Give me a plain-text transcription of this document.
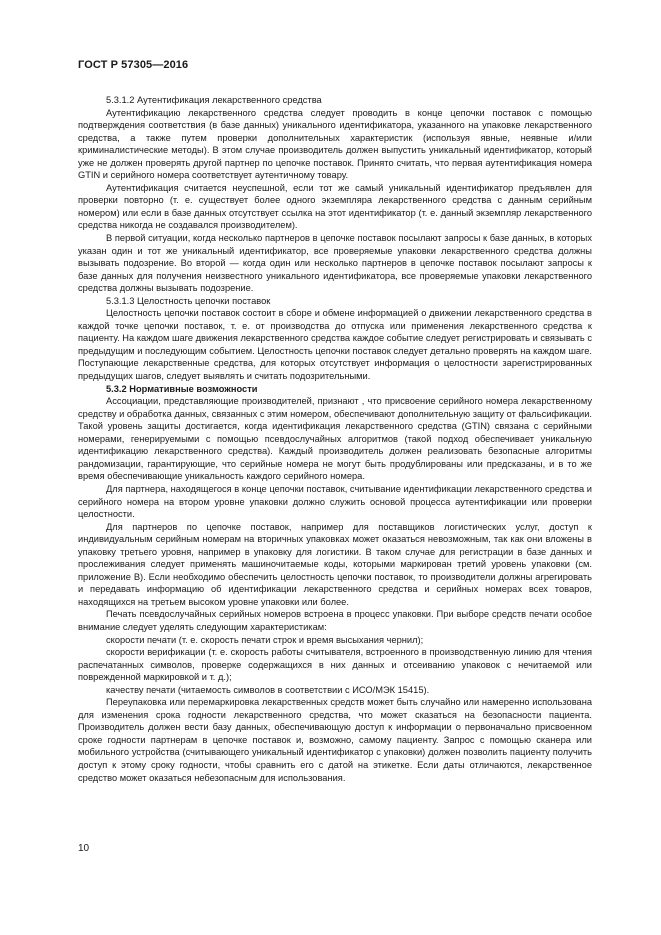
ГОСТ Р 57305—2016

5.3.1.2 Аутентификация лекарственного средства

Аутентификацию лекарственного средства следует проводить в конце цепочки поставок с помощью подтверждения соответствия (в базе данных) уникального идентификатора, указанного на упаковке лекарственного средства, а также путем проверки дополнительных характеристик (используя явные, неявные и/или криминалистические методы). В этом случае производитель должен выпустить уникальный идентификатор, который уже не должен проверять другой партнер по цепочке поставок. Принято считать, что первая аутентификация номера GTIN и серийного номера соответствует аутентичному товару.

Аутентификация считается неуспешной, если тот же самый уникальный идентификатор предъявлен для проверки повторно (т. е. существует более одного экземпляра лекарственного средства с данным серийным номером) или если в базе данных отсутствует ссылка на этот идентификатор (т. е. данный экземпляр лекарственного средства никогда не создавался производителем).

В первой ситуации, когда несколько партнеров в цепочке поставок посылают запросы к базе данных, в которых указан один и тот же уникальный идентификатор, все проверяемые упаковки лекарственного средства должны вызывать подозрение. Во второй — когда один или несколько партнеров в цепочке поставок посылают запросы к базе данных для получения неизвестного уникального идентификатора, все проверяемые упаковки лекарственного средства должны вызывать подозрение.

5.3.1.3 Целостность цепочки поставок

Целостность цепочки поставок состоит в сборе и обмене информацией о движении лекарственного средства в каждой точке цепочки поставок, т. е. от производства до отпуска или применения лекарственного средства к пациенту. На каждом шаге движения лекарственного средства каждое событие следует регистрировать и связывать с предыдущим и последующим событием. Целостность цепочки поставок следует детально проверять на каждом шаге. Поступающие лекарственные средства, для которых отсутствует информация о целостности зарегистрированных предыдущих шагов, следует выявлять и считать подозрительными.

5.3.2 Нормативные возможности

Ассоциации, представляющие производителей, признают , что присвоение серийного номера лекарственному средству и обработка данных, связанных с этим номером, обеспечивают дополнительную защиту от фальсификации. Такой уровень защиты достигается, когда идентификация лекарственного средства (GTIN) связана с серийными номерами, генерируемыми с помощью псевдослучайных алгоритмов (такой подход обеспечивает уникальную идентификацию лекарственного средства). Каждый производитель должен реализовать безопасные алгоритмы рандомизации, гарантирующие, что серийные номера не могут быть продублированы или предсказаны, и в то же время обеспечивающие уникальность каждого серийного номера.

Для партнера, находящегося в конце цепочки поставок, считывание идентификации лекарственного средства и серийного номера на втором уровне упаковки должно служить основой процесса аутентификации или проверки целостности.

Для партнеров по цепочке поставок, например для поставщиков логистических услуг, доступ к индивидуальным серийным номерам на вторичных упаковках может оказаться невозможным, так как они вложены в упаковку третьего уровня, например в упаковку для логистики. В таком случае для регистрации в базе данных и прослеживания следует применять машиночитаемые коды, которыми маркирован третий уровень упаковки (см. приложение В). Если необходимо обеспечить целостность цепочки поставок, то производители должны агрегировать и передавать информацию об идентификации лекарственного средства и серийных номерах всех товаров, находящихся на третьем высоком уровне упаковки или более.

Печать псевдослучайных серийных номеров встроена в процесс упаковки. При выборе средств печати особое внимание следует уделять следующим характеристикам:

скорости печати (т. е. скорость печати строк и время высыхания чернил);

скорости верификации (т. е. скорость работы считывателя, встроенного в производственную линию для чтения распечатанных символов, проверке содержащихся в них данных и отсеиванию упаковок с нечитаемой или поврежденной маркировкой и т. д.);

качеству печати (читаемость символов в соответствии с ИСО/МЭК 15415).

Переупаковка или перемаркировка лекарственных средств может быть случайно или намеренно использована для изменения срока годности лекарственного средства, что может сказаться на безопасности пациента. Производитель должен вести базу данных, обеспечивающую доступ к информации о первоначально присвоенном сроке годности партнерам в цепочке поставок и, возможно, самому пациенту. Запрос с помощью сканера или мобильного устройства (считывающего уникальный идентификатор с упаковки) должен позволить пациенту получить доступ к этому сроку годности, чтобы сравнить его с датой на этикетке. Если даты отличаются, лекарственное средство может оказаться небезопасным для использования.

10
